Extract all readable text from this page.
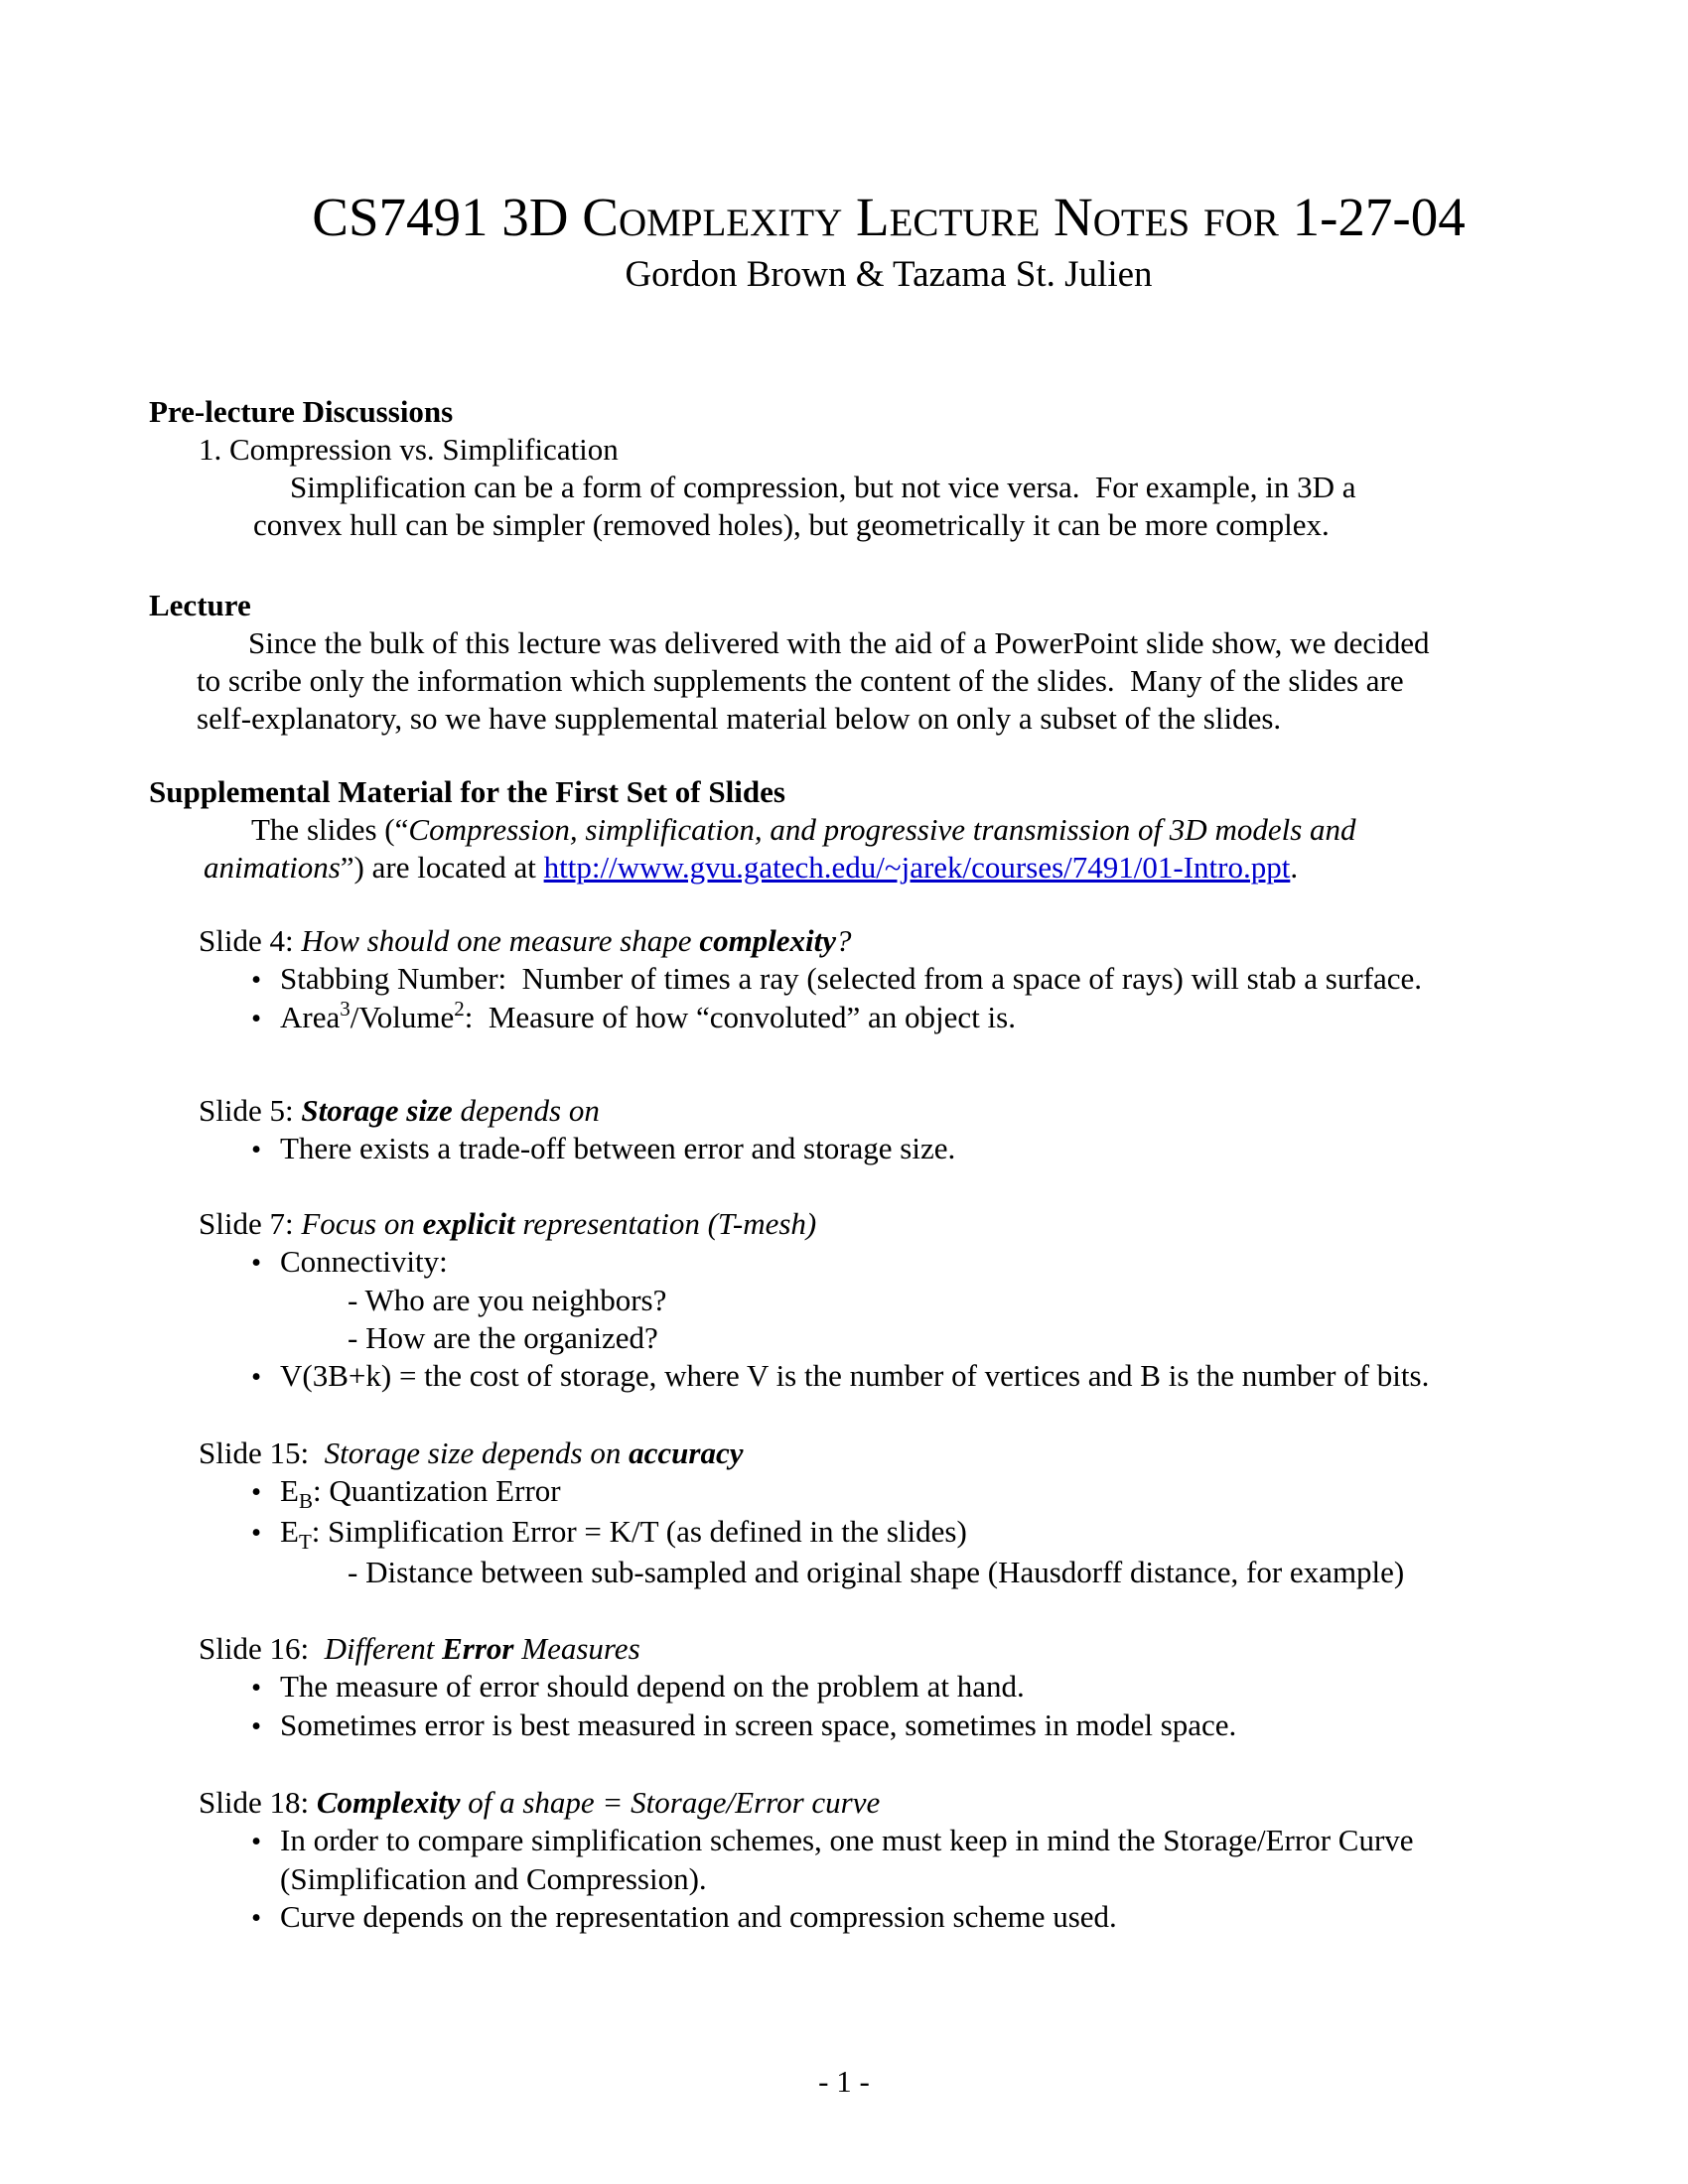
CS7491 3D Complexity Lecture Notes for 1-27-04
Gordon Brown & Tazama St. Julien
Pre-lecture Discussions
1. Compression vs. Simplification
Simplification can be a form of compression, but not vice versa.  For example, in 3D a
convex hull can be simpler (removed holes), but geometrically it can be more complex.
Lecture
Since the bulk of this lecture was delivered with the aid of a PowerPoint slide show, we decided
to scribe only the information which supplements the content of the slides.  Many of the slides are
self-explanatory, so we have supplemental material below on only a subset of the slides.
Supplemental Material for the First Set of Slides
The slides (“Compression, simplification, and progressive transmission of 3D models and
animations”) are located at http://www.gvu.gatech.edu/~jarek/courses/7491/01-Intro.ppt.
Slide 4: How should one measure shape complexity?
• Stabbing Number:  Number of times a ray (selected from a space of rays) will stab a surface.
• Area$^3$/Volume$^2$:  Measure of how “convoluted” an object is.
Slide 5: Storage size depends on
• There exists a trade-off between error and storage size.
Slide 7: Focus on explicit representation (T-mesh)
• Connectivity:
- Who are you neighbors?
- How are the organized?
• V(3B+k) = the cost of storage, where V is the number of vertices and B is the number of bits.
Slide 15:  Storage size depends on accuracy
• $E_B$: Quantization Error
• $E_T$: Simplification Error = K/T (as defined in the slides)
- Distance between sub-sampled and original shape (Hausdorff distance, for example)
Slide 16:  Different Error Measures
• The measure of error should depend on the problem at hand.
• Sometimes error is best measured in screen space, sometimes in model space.
Slide 18: Complexity of a shape = Storage/Error curve
• In order to compare simplification schemes, one must keep in mind the Storage/Error Curve
(Simplification and Compression).
• Curve depends on the representation and compression scheme used.
- 1 -
